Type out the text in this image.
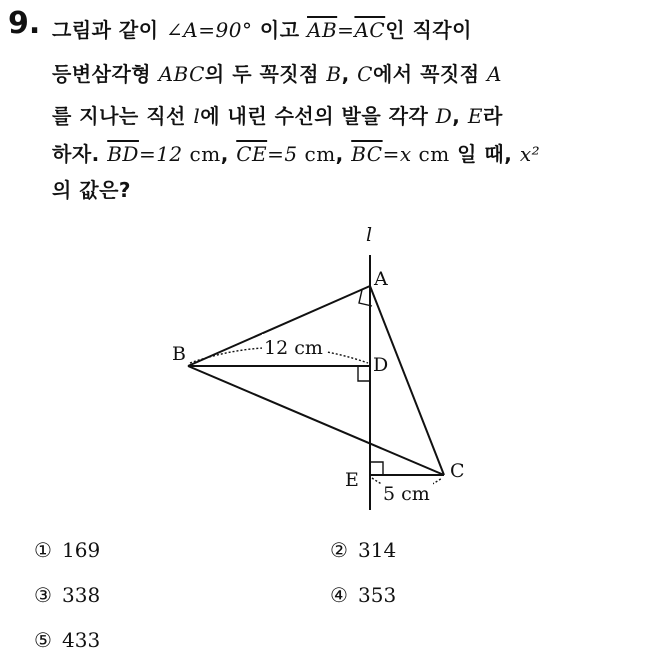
9. 그림과 같이 ∠A=90° 이고 $\overline{AB}=\overline{AC}$인 직각이
등변삼각형 ABC의 두 꼭짓점 B, C에서 꼭짓점 A
를 지나는 직선 l에 내린 수선의 발을 각각 D, E라
하자. $\overline{BD}=12$ cm, $\overline{CE}=5$ cm, $\overline{BC}=x$ cm 일 때, x²
의 값은?
l
A
B
C
D
E
12 cm
5 cm
① 169	② 314
③ 338	④ 353
⑤ 433
